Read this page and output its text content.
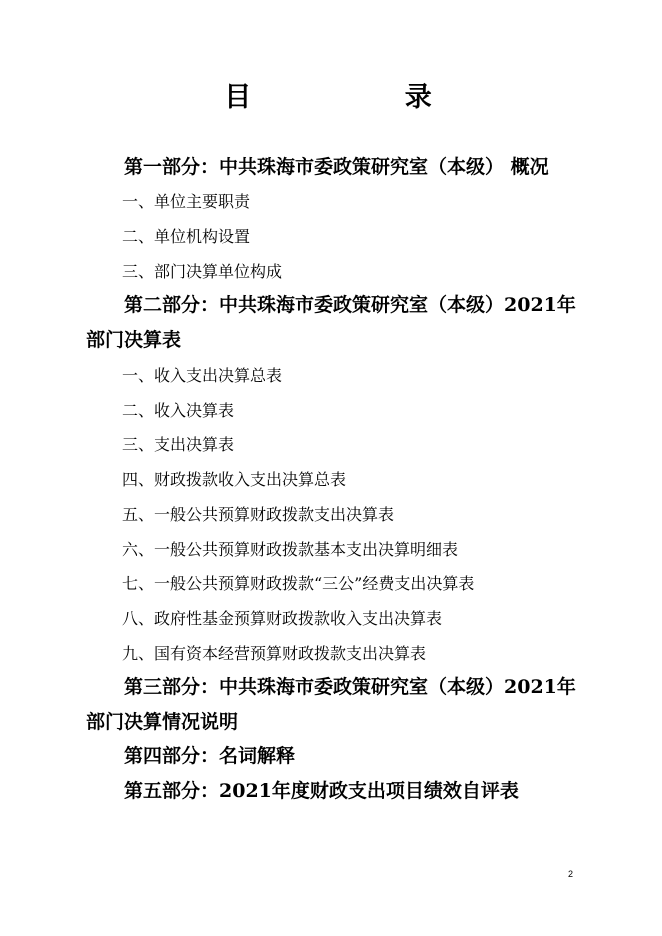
目 录
第一部分：中共珠海市委政策研究室（本级） 概况
一、单位主要职责
二、单位机构设置
三、部门决算单位构成
第二部分：中共珠海市委政策研究室（本级）2021年
部门决算表
一、收入支出决算总表
二、收入决算表
三、支出决算表
四、财政拨款收入支出决算总表
五、一般公共预算财政拨款支出决算表
六、一般公共预算财政拨款基本支出决算明细表
七、一般公共预算财政拨款“三公”经费支出决算表
八、政府性基金预算财政拨款收入支出决算表
九、国有资本经营预算财政拨款支出决算表
第三部分：中共珠海市委政策研究室（本级）2021年
部门决算情况说明
第四部分：名词解释
第五部分：2021年度财政支出项目绩效自评表
2
